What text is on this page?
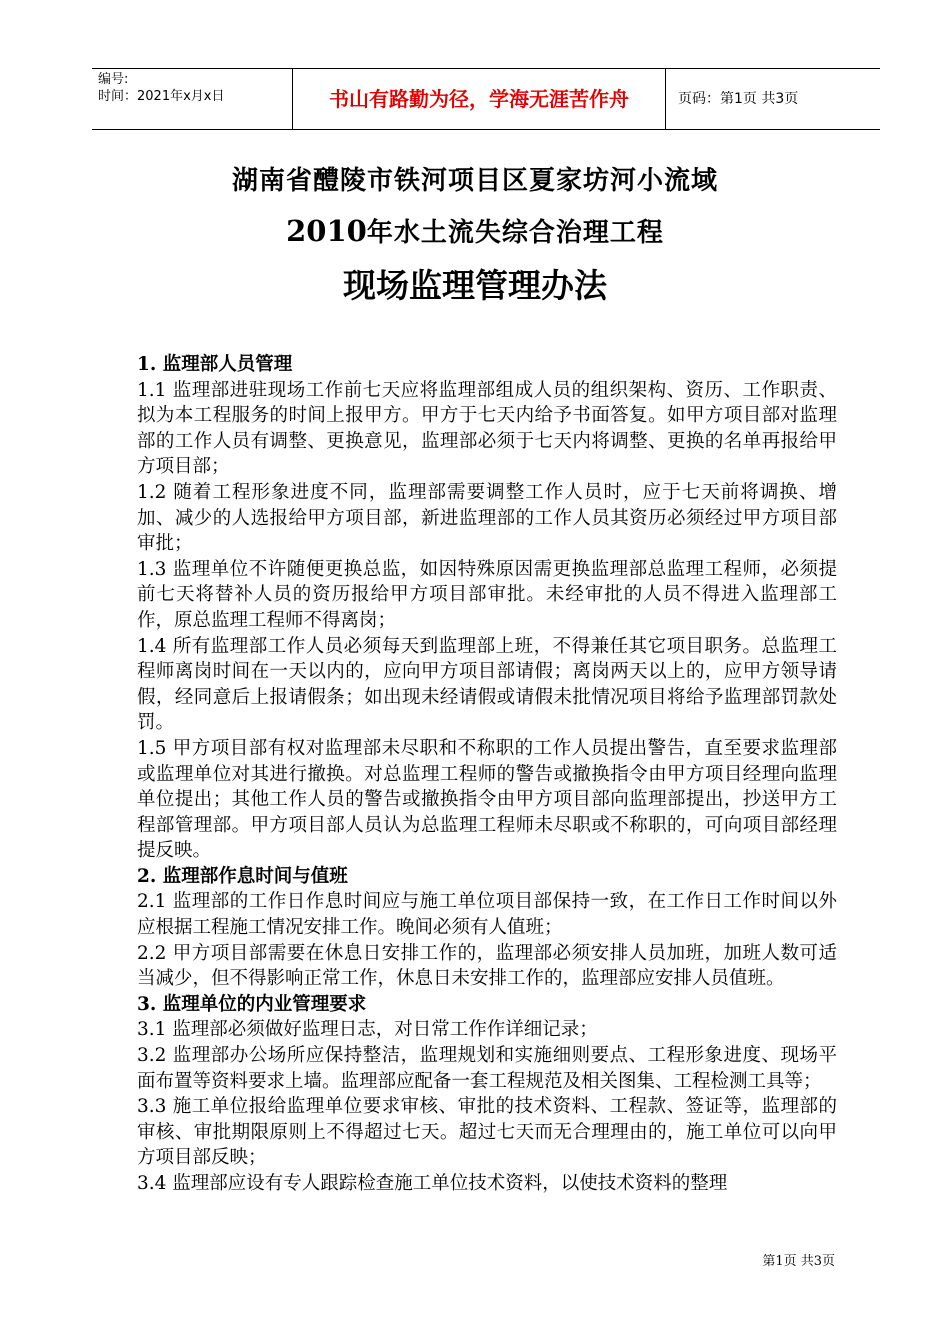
编号:
时间：2021年x月x日	书山有路勤为径，学海无涯苦作舟	页码：第1页 共3页
湖南省醴陵市铁河项目区夏家坊河小流域
2010年水土流失综合治理工程
现场监理管理办法

1. 监理部人员管理

1.1 监理部进驻现场工作前七天应将监理部组成人员的组织架构、资历、工作职责、拟为本工程服务的时间上报甲方。甲方于七天内给予书面答复。如甲方项目部对监理部的工作人员有调整、更换意见，监理部必须于七天内将调整、更换的名单再报给甲方项目部；

1.2 随着工程形象进度不同，监理部需要调整工作人员时，应于七天前将调换、增加、减少的人选报给甲方项目部，新进监理部的工作人员其资历必须经过甲方项目部审批；

1.3 监理单位不许随便更换总监，如因特殊原因需更换监理部总监理工程师，必须提前七天将替补人员的资历报给甲方项目部审批。未经审批的人员不得进入监理部工作，原总监理工程师不得离岗；

1.4 所有监理部工作人员必须每天到监理部上班，不得兼任其它项目职务。总监理工程师离岗时间在一天以内的，应向甲方项目部请假；离岗两天以上的，应甲方领导请假，经同意后上报请假条；如出现未经请假或请假未批情况项目将给予监理部罚款处罚。

1.5 甲方项目部有权对监理部未尽职和不称职的工作人员提出警告，直至要求监理部或监理单位对其进行撤换。对总监理工程师的警告或撤换指令由甲方项目经理向监理单位提出；其他工作人员的警告或撤换指令由甲方项目部向监理部提出，抄送甲方工程部管理部。甲方项目部人员认为总监理工程师未尽职或不称职的，可向项目部经理提反映。

2. 监理部作息时间与值班

2.1 监理部的工作日作息时间应与施工单位项目部保持一致，在工作日工作时间以外应根据工程施工情况安排工作。晚间必须有人值班；

2.2 甲方项目部需要在休息日安排工作的，监理部必须安排人员加班，加班人数可适当减少，但不得影响正常工作，休息日未安排工作的，监理部应安排人员值班。

3. 监理单位的内业管理要求

3.1 监理部必须做好监理日志，对日常工作作详细记录；

3.2 监理部办公场所应保持整洁，监理规划和实施细则要点、工程形象进度、现场平面布置等资料要求上墙。监理部应配备一套工程规范及相关图集、工程检测工具等；

3.3 施工单位报给监理单位要求审核、审批的技术资料、工程款、签证等，监理部的审核、审批期限原则上不得超过七天。超过七天而无合理理由的，施工单位可以向甲方项目部反映；

3.4 监理部应设有专人跟踪检查施工单位技术资料，以使技术资料的整理

第1页 共3页
